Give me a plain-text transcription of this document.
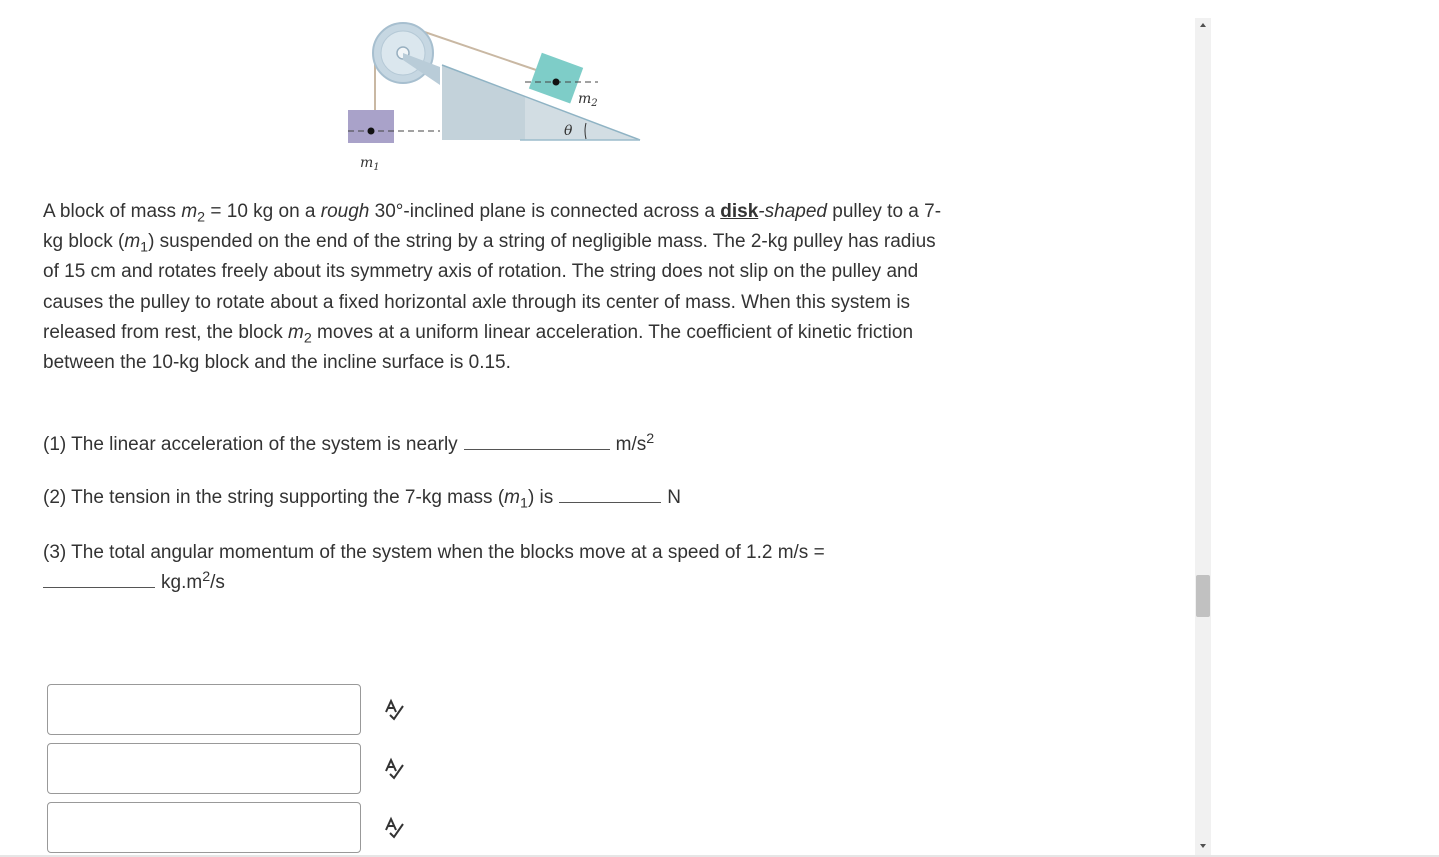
$m_2$
θ
$m_1$

A block of mass $m_2 = 10$ kg on a rough 30°-inclined plane is connected across a disk-shaped pulley to a 7-kg block $(m_1)$ suspended on the end of the string by a string of negligible mass. The 2-kg pulley has radius of 15 cm and rotates freely about its symmetry axis of rotation. The string does not slip on the pulley and causes the pulley to rotate about a fixed horizontal axle through its center of mass. When this system is released from rest, the block $m_2$ moves at a uniform linear acceleration. The coefficient of kinetic friction between the 10-kg block and the incline surface is 0.15.

(1) The linear acceleration of the system is nearly	$m/s^2$

(2) The tension in the string supporting the 7-kg mass $(m_1)$ is	N

(3) The total angular momentum of the system when the blocks move at a speed of 1.2 m/s =
$kg.m^2/s$
